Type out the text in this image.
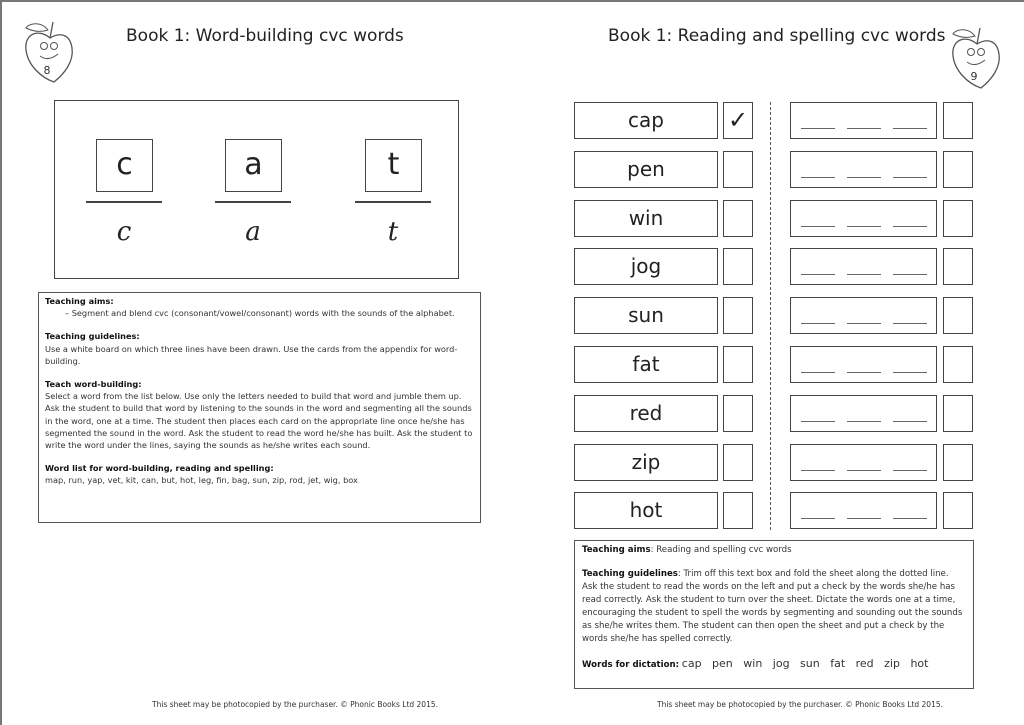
8
Book 1: Word-building cvc words
c	a	t
c	a	t
Teaching aims:

– Segment and blend cvc (consonant/vowel/consonant) words with the sounds of the alphabet.

Teaching guidelines:

Use a white board on which three lines have been drawn. Use the cards from the appendix for word-building.

Teach word-building:

Select a word from the list below. Use only the letters needed to build that word and jumble them up. Ask the student to build that word by listening to the sounds in the word and segmenting all the sounds in the word, one at a time. The student then places each card on the appropriate line once he/she has segmented the sound in the word. Ask the student to read the word he/she has built. Ask the student to write the word under the lines, saying the sounds as he/she writes each sound.

Word list for word-building, reading and spelling:
map, run, yap, vet, kit, can, but, hot, leg, fin, bag, sun, zip, rod, jet, wig, box
This sheet may be photocopied by the purchaser. © Phonic Books Ltd 2015.
Book 1: Reading and spelling cvc words
9
cap	✓
pen
win
jog
sun
fat
red
zip
hot

Teaching aims: Reading and spelling cvc words

Teaching guidelines: Trim off this text box and fold the sheet along the dotted line. Ask the student to read the words on the left and put a check by the words she/he has read correctly. Ask the student to turn over the sheet. Dictate the words one at a time, encouraging the student to spell the words by segmenting and sounding out the sounds as she/he writes them. The student can then open the sheet and put a check by the words she/he has spelled correctly.

Words for dictation: cap   pen   win   jog   sun   fat   red   zip   hot
This sheet may be photocopied by the purchaser. © Phonic Books Ltd 2015.
